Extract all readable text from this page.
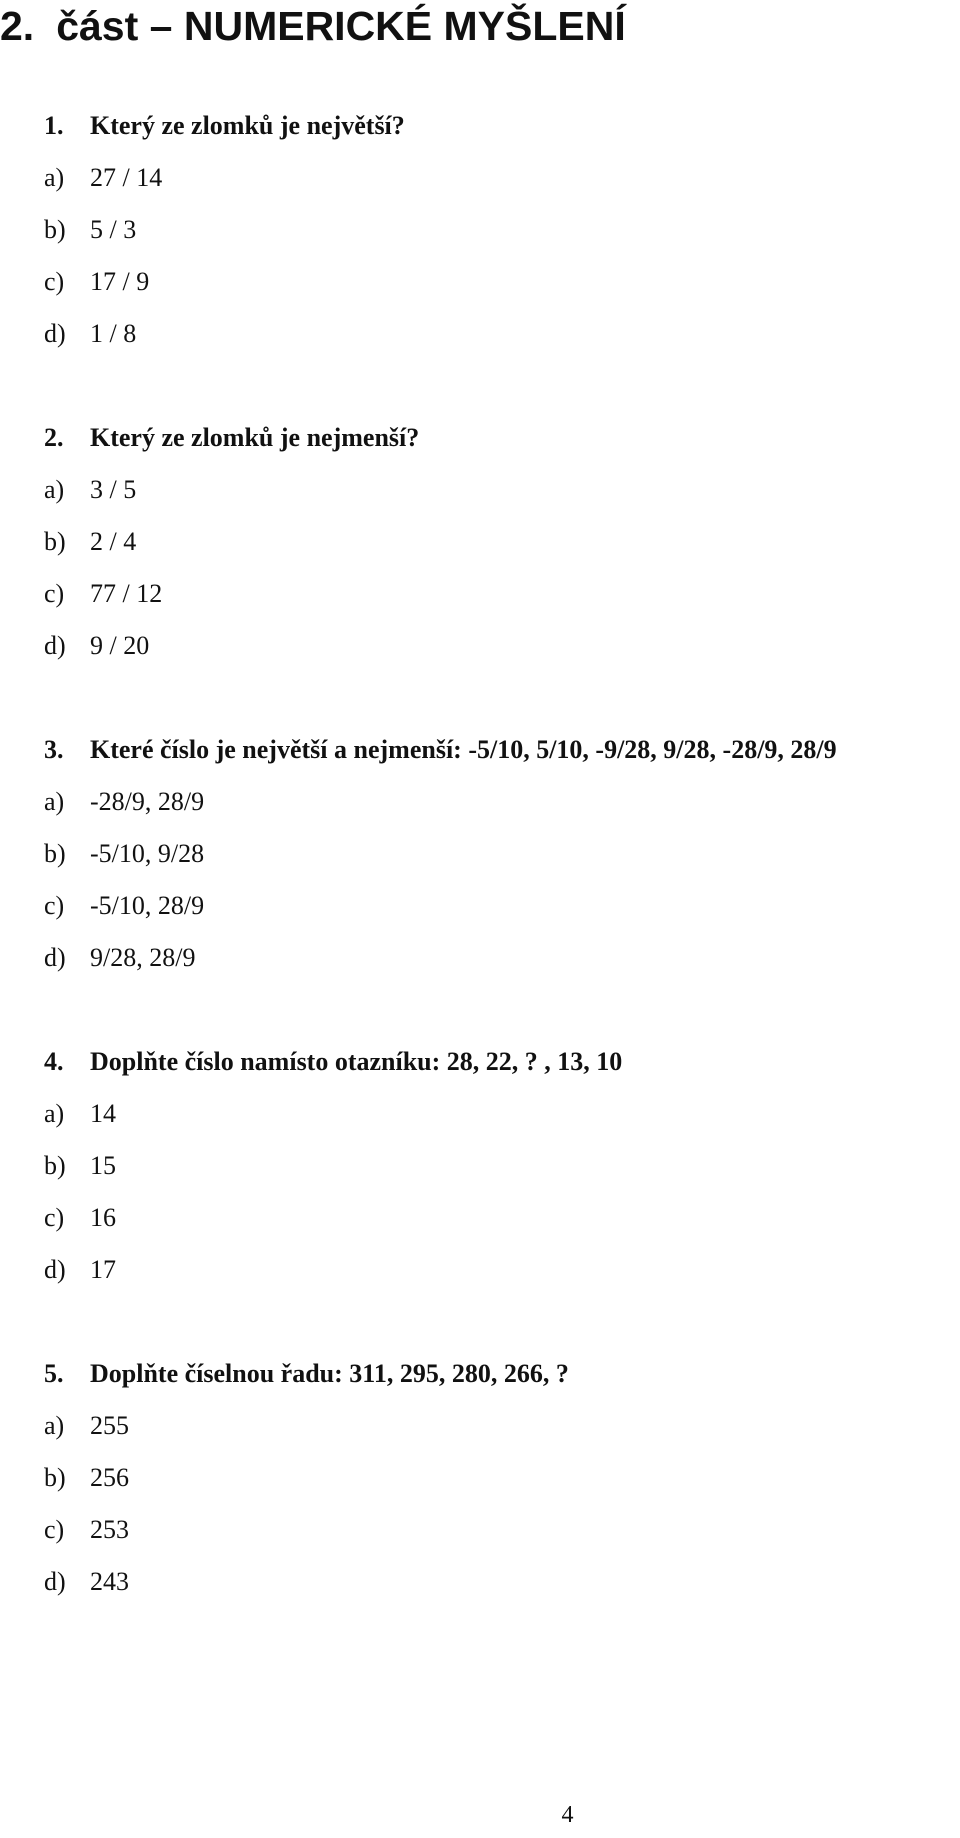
2. část – NUMERICKÉ MYŠLENÍ
1. Který ze zlomků je největší?
a) 27 / 14
b) 5 / 3
c) 17 / 9
d) 1 / 8
2. Který ze zlomků je nejmenší?
a) 3 / 5
b) 2 / 4
c) 77 / 12
d) 9 / 20
3. Které číslo je největší a nejmenší: -5/10, 5/10, -9/28, 9/28, -28/9, 28/9
a) -28/9, 28/9
b) -5/10, 9/28
c) -5/10, 28/9
d) 9/28, 28/9
4. Doplňte číslo namísto otazníku: 28, 22, ? , 13, 10
a) 14
b) 15
c) 16
d) 17
5. Doplňte číselnou řadu: 311, 295, 280, 266, ?
a) 255
b) 256
c) 253
d) 243
4
